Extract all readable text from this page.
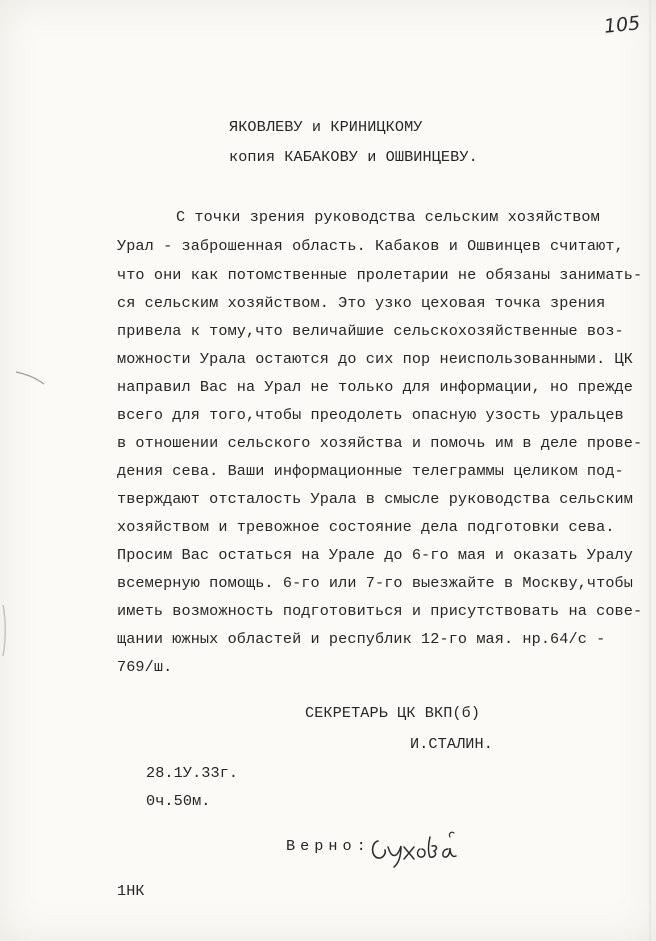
105
ЯКОВЛЕВУ и КРИНИЦКОМУ
копия КАБАКОВУ и ОШВИНЦЕВУ.
С точки зрения руководства сельским хозяйством
Урал - заброшенная область. Кабаков и Ошвинцев считают,
что они как потомственные пролетарии не обязаны занимать-
ся сельским хозяйством. Это узко цеховая точка зрения
привела к тому,что величайшие сельскохозяйственные воз-
можности Урала остаются до сих пор неиспользованными. ЦК
направил Вас на Урал не только для информации, но прежде
всего для того,чтобы преодолеть опасную узость уральцев
в отношении сельского хозяйства и помочь им в деле прове-
дения сева. Ваши информационные телеграммы целиком под-
тверждают отсталость Урала в смысле руководства сельским
хозяйством и тревожное состояние дела подготовки сева.
Просим Вас остаться на Урале до 6-го мая и оказать Уралу
всемерную помощь. 6-го или 7-го выезжайте в Москву,чтобы
иметь возможность подготовиться и присутствовать на сове-
щании южных областей и республик 12-го мая. нр.64/с -
769/ш.
СЕКРЕТАРЬ ЦК ВКП(б)
И.СТАЛИН.
28.1У.33г.
0ч.50м.
Верно:
1НК
